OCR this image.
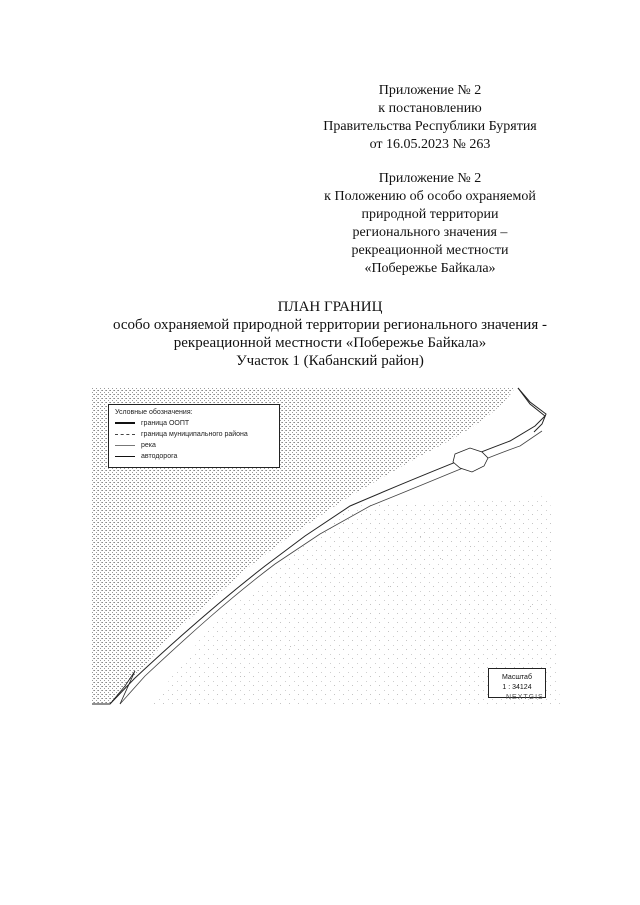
Приложение № 2
к постановлению
Правительства Республики Бурятия
от 16.05.2023 № 263
Приложение № 2
к Положению об особо охраняемой
природной территории
регионального значения –
рекреационной местности
«Побережье Байкала»
ПЛАН ГРАНИЦ
особо охраняемой природной территории регионального значения -
рекреационной местности «Побережье Байкала»
Участок 1 (Кабанский район)
Условные обозначения:
граница ООПТ
граница муниципального района
река
автодорога
Масштаб
1 : 34124
NEXTGIS
